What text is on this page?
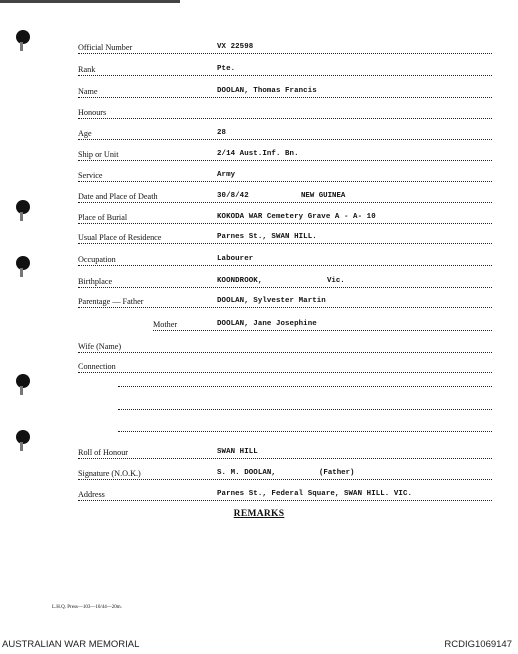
Official Number	VX 22598
Rank	Pte.
Name	DOOLAN, Thomas Francis
Honours
Age	28
Ship or Unit	2/14 Aust.Inf. Bn.
Service	Army
Date and Place of Death	30/8/42	NEW GUINEA
Place of Burial	KOKODA WAR Cemetery Grave A - A- 10
Usual Place of Residence	Parnes St., SWAN HILL.
Occupation	Labourer
Birthplace	KOONDROOK,	Vic.
Parentage — Father	DOOLAN, Sylvester Martin
Mother	DOOLAN, Jane Josephine
Wife (Name)
Connection
Roll of Honour	SWAN HILL
Signature (N.O.K.)	S. M. DOOLAN,	(Father)
Address	Parnes St., Federal Square, SWAN HILL. VIC.
REMARKS
L.H.Q. Press—103—10/44—20m.
AUSTRALIAN WAR MEMORIAL	RCDIG1069147
